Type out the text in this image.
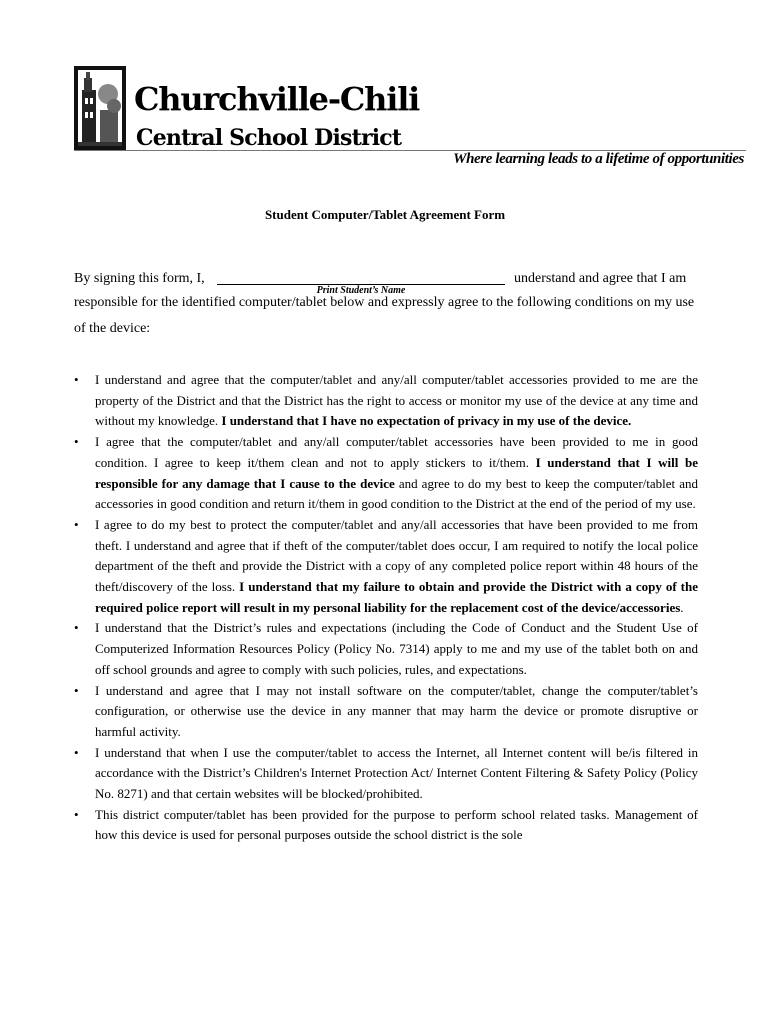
Churchville-Chili
Central School District

Where learning leads to a lifetime of opportunities

Student Computer/Tablet Agreement Form
By signing this form, I,
Print Student’s Name
understand and agree that I am

responsible for the identified computer/tablet below and expressly agree to the following conditions on my use of the device:

• I understand and agree that the computer/tablet and any/all computer/tablet accessories provided to me are the property of the District and that the District has the right to access or monitor my use of the device at any time and without my knowledge. I understand that I have no expectation of privacy in my use of the device.
• I agree that the computer/tablet and any/all computer/tablet accessories have been provided to me in good condition. I agree to keep it/them clean and not to apply stickers to it/them. I understand that I will be responsible for any damage that I cause to the device and agree to do my best to keep the computer/tablet and accessories in good condition and return it/them in good condition to the District at the end of the period of my use.
• I agree to do my best to protect the computer/tablet and any/all accessories that have been provided to me from theft. I understand and agree that if theft of the computer/tablet does occur, I am required to notify the local police department of the theft and provide the District with a copy of any completed police report within 48 hours of the theft/discovery of the loss. I understand that my failure to obtain and provide the District with a copy of the required police report will result in my personal liability for the replacement cost of the device/accessories.
• I understand that the District’s rules and expectations (including the Code of Conduct and the Student Use of Computerized Information Resources Policy (Policy No. 7314) apply to me and my use of the tablet both on and off school grounds and agree to comply with such policies, rules, and expectations.
• I understand and agree that I may not install software on the computer/tablet, change the computer/tablet’s configuration, or otherwise use the device in any manner that may harm the device or promote disruptive or harmful activity.
• I understand that when I use the computer/tablet to access the Internet, all Internet content will be/is filtered in accordance with the District’s Children's Internet Protection Act/ Internet Content Filtering & Safety Policy (Policy No. 8271) and that certain websites will be blocked/prohibited.
• This district computer/tablet has been provided for the purpose to perform school related tasks. Management of how this device is used for personal purposes outside the school district is the sole
